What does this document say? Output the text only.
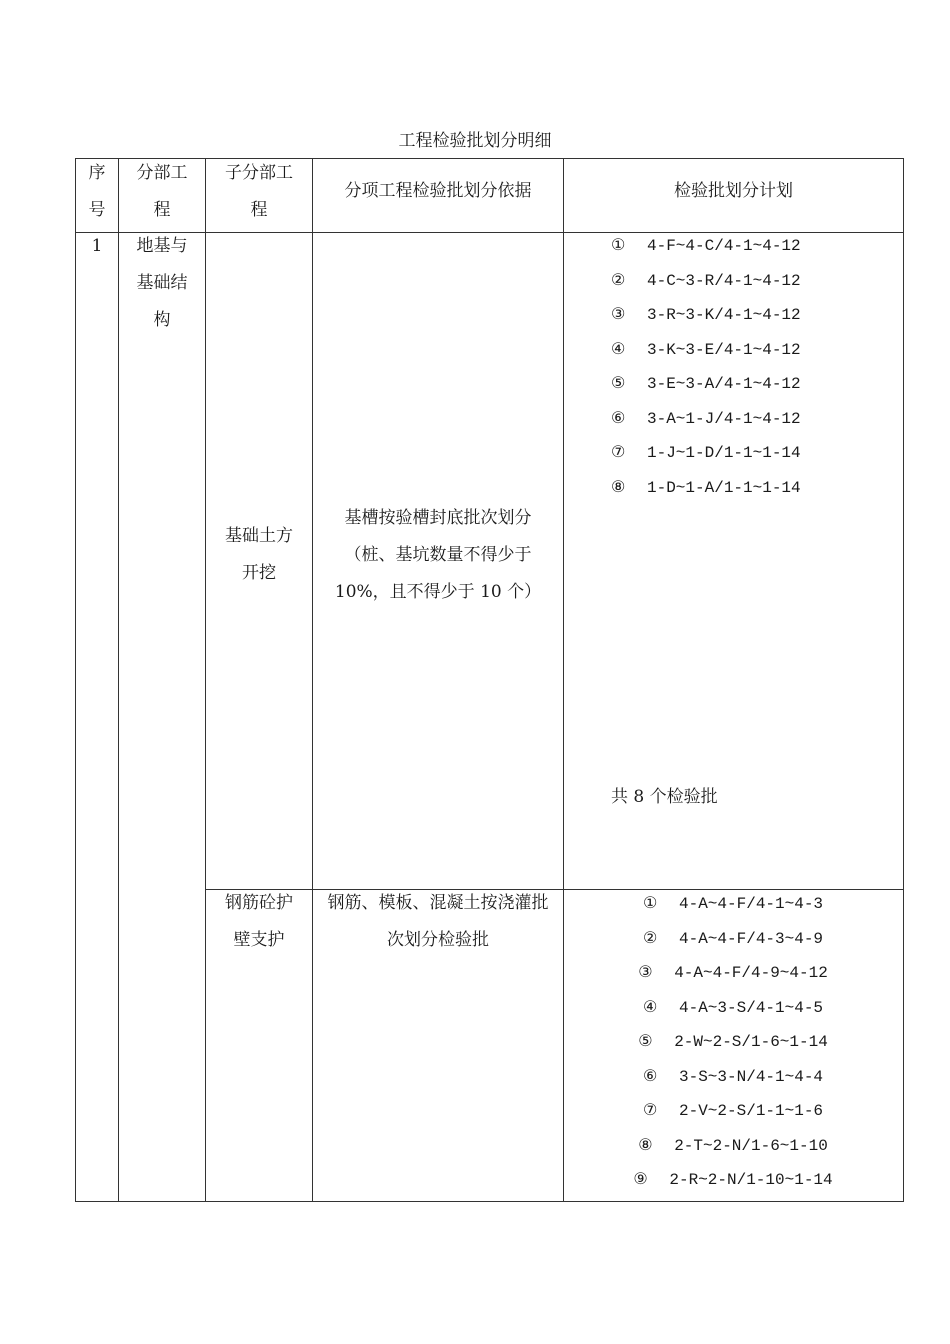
工程检验批划分明细
序
号
分部工
程
子分部工
程
分项工程检验批划分依据	检验批划分计划
1	地基与
基础结
构
基础土方
开挖
基槽按验槽封底批次划分
（桩、基坑数量不得少于
10%，且不得少于 10 个）
① 4-F~4-C/4-1~4-12
② 4-C~3-R/4-1~4-12
③ 3-R~3-K/4-1~4-12
④ 3-K~3-E/4-1~4-12
⑤ 3-E~3-A/4-1~4-12
⑥ 3-A~1-J/4-1~4-12
⑦ 1-J~1-D/1-1~1-14
⑧ 1-D~1-A/1-1~1-14
共 8 个检验批
钢筋砼护
壁支护
钢筋、模板、混凝土按浇灌批
次划分检验批
① 4-A~4-F/4-1~4-3
② 4-A~4-F/4-3~4-9
③ 4-A~4-F/4-9~4-12
④ 4-A~3-S/4-1~4-5
⑤ 2-W~2-S/1-6~1-14
⑥ 3-S~3-N/4-1~4-4
⑦ 2-V~2-S/1-1~1-6
⑧ 2-T~2-N/1-6~1-10
⑨ 2-R~2-N/1-10~1-14
